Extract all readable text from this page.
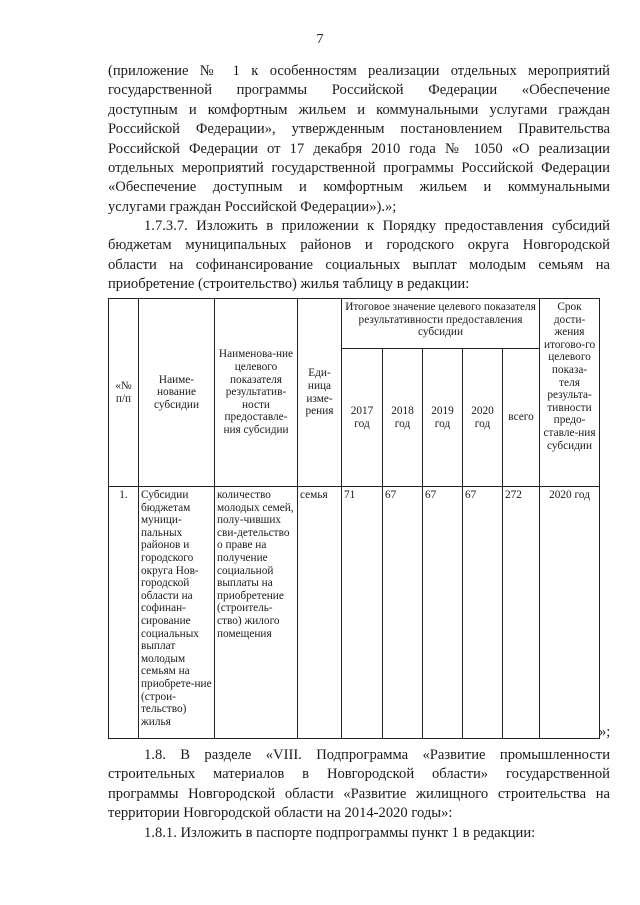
7
(приложение № 1 к особенностям реализации отдельных мероприятий
государственной программы Российской Федерации «Обеспечение
доступным и комфортным жильем и коммунальными услугами граждан
Российской Федерации», утвержденным постановлением Правительства
Российской Федерации от 17 декабря 2010 года № 1050 «О реализации
отдельных мероприятий государственной программы Российской Федерации
«Обеспечение доступным и комфортным жильем и коммунальными
услугами граждан Российской Федерации»).»;
1.7.3.7. Изложить в приложении к Порядку предоставления субсидий
бюджетам муниципальных районов и городского округа Новгородской
области на софинансирование социальных выплат молодым семьям на
приобретение (строительство) жилья таблицу в редакции:
«№ п/п	Наиме-нование субсидии	Наименова-ние целевого показателя результатив-ности предоставле-ния субсидии	Еди-ница изме-рения	Итоговое значение целевого показателя результативности предоставления субсидии					Срок дости-жения итогово-го целевого показа-теля результа-тивности предо-ставле-ния субсидии
				2017 год	2018 год	2019 год	2020 год	всего	
1.	Субсидии бюджетам муници-пальных районов и городского округа Нов-городской области на софинан-сирование социальных выплат молодым семьям на приобрете-ние (строи-тельство) жилья	количество молодых семей, полу-чивших сви-детельство о праве на получение социальной выплаты на приобретение (строитель-ство) жилого помещения	семья	71	67	67	67	272	2020 год
»;
1.8. В разделе «VIII. Подпрограмма «Развитие промышленности
строительных материалов в Новгородской области» государственной
программы Новгородской области «Развитие жилищного строительства на
территории Новгородской области на 2014-2020 годы»:
1.8.1. Изложить в паспорте подпрограммы пункт 1 в редакции:
